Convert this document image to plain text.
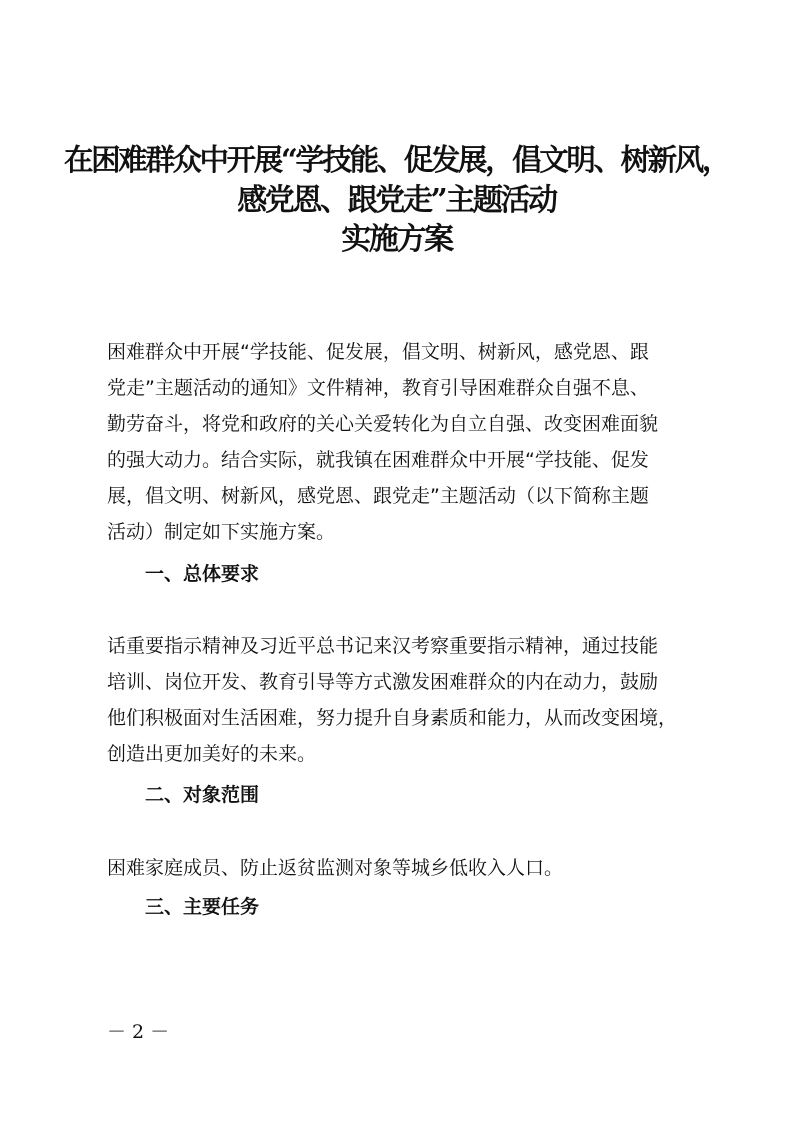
在困难群众中开展“学技能、促发展，倡文明、树新风，
感党恩、跟党走”主题活动
实施方案
困难群众中开展“学技能、促发展，倡文明、树新风，感党恩、跟
党走”主题活动的通知》文件精神，教育引导困难群众自强不息、
勤劳奋斗，将党和政府的关心关爱转化为自立自强、改变困难面貌
的强大动力。结合实际，就我镇在困难群众中开展“学技能、促发
展，倡文明、树新风，感党恩、跟党走”主题活动（以下简称主题
活动）制定如下实施方案。
一、总体要求
话重要指示精神及习近平总书记来汉考察重要指示精神，通过技能
培训、岗位开发、教育引导等方式激发困难群众的内在动力，鼓励
他们积极面对生活困难，努力提升自身素质和能力，从而改变困境，
创造出更加美好的未来。
二、对象范围
困难家庭成员、防止返贫监测对象等城乡低收入人口。
三、主要任务
－ 2 －
